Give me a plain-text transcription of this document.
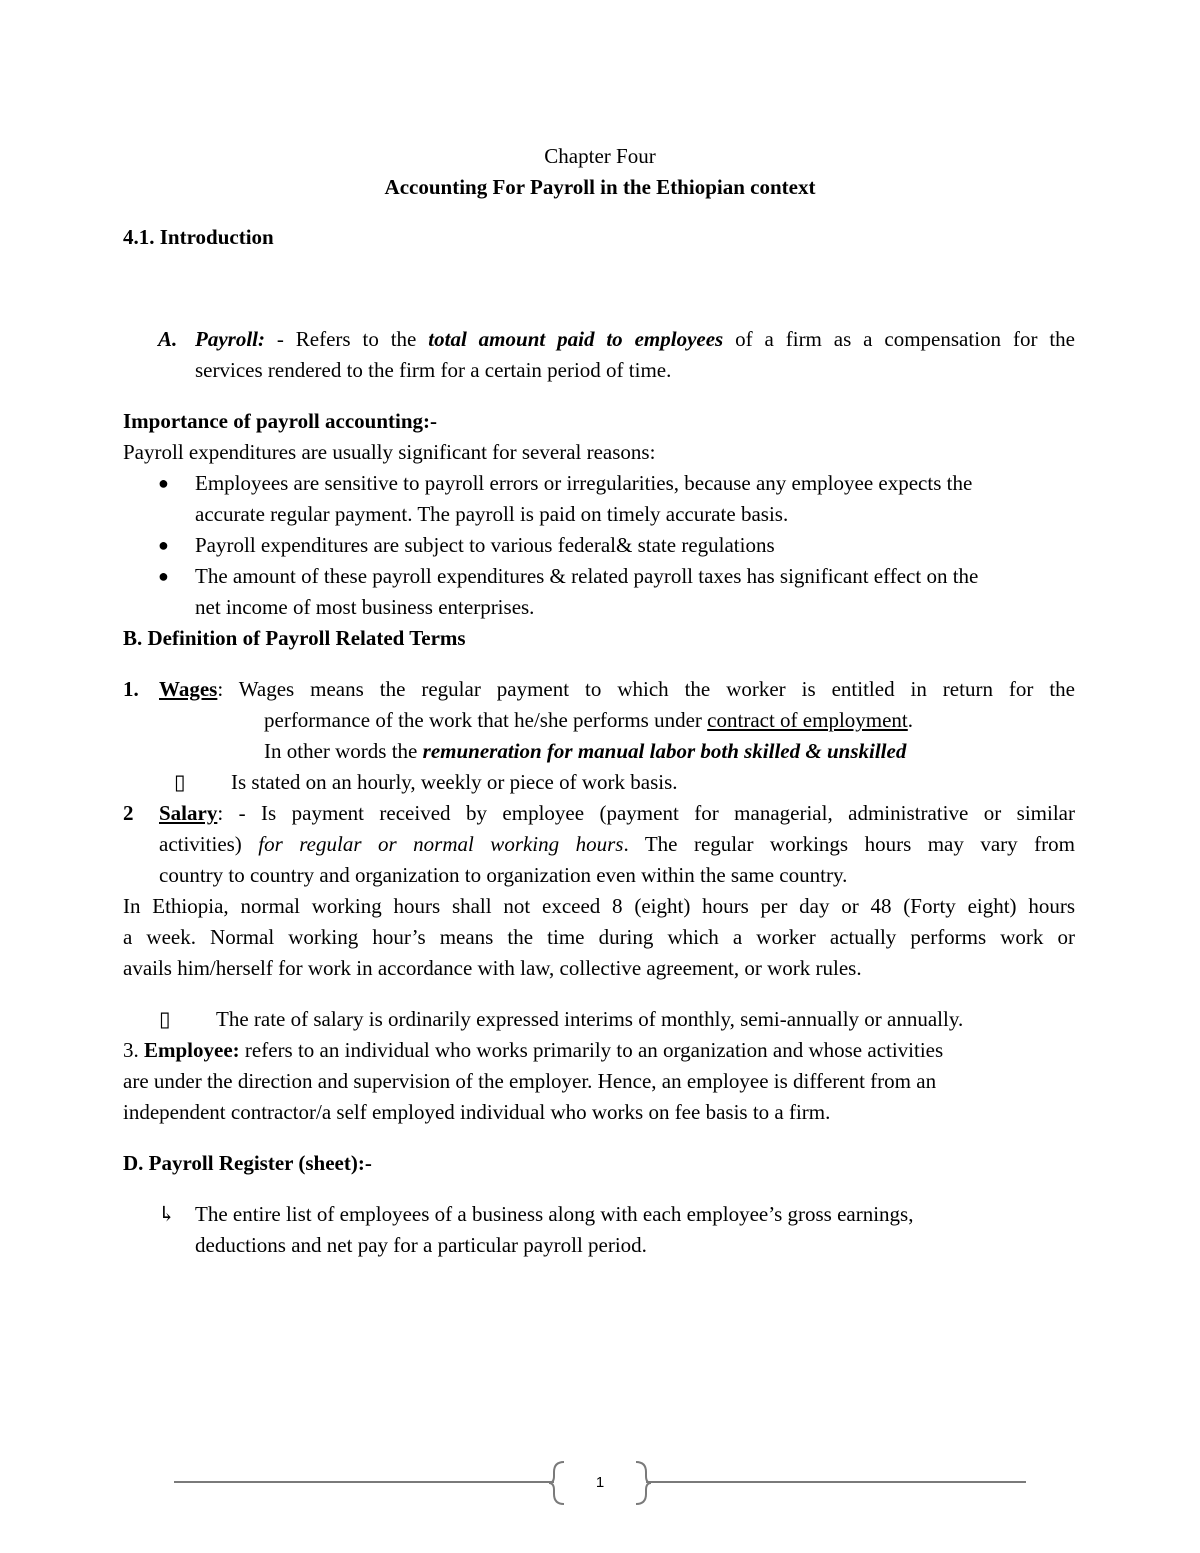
Chapter Four
Accounting For Payroll in the Ethiopian context
4.1. Introduction
A. Payroll: - Refers to the total amount paid to employees of a firm as a compensation for the
services rendered to the firm for a certain period of time.
Importance of payroll accounting:-
Payroll expenditures are usually significant for several reasons:
● Employees are sensitive to payroll errors or irregularities, because any employee expects the
accurate regular payment. The payroll is paid on timely accurate basis.
● Payroll expenditures are subject to various federal& state regulations
● The amount of these payroll expenditures & related payroll taxes has significant effect on the
net income of most business enterprises.
B. Definition of Payroll Related Terms
1. Wages: Wages means the regular payment to which the worker is entitled in return for the
performance of the work that he/she performs under contract of employment.
In other words the remuneration for manual labor both skilled & unskilled
▯ Is stated on an hourly, weekly or piece of work basis.
2 Salary: - Is payment received by employee (payment for managerial, administrative or similar
activities) for regular or normal working hours. The regular workings hours may vary from
country to country and organization to organization even within the same country.
In Ethiopia, normal working hours shall not exceed 8 (eight) hours per day or 48 (Forty eight) hours
a week. Normal working hour’s means the time during which a worker actually performs work or
avails him/herself for work in accordance with law, collective agreement, or work rules.
▯ The rate of salary is ordinarily expressed interims of monthly, semi-annually or annually.
3. Employee: refers to an individual who works primarily to an organization and whose activities
are under the direction and supervision of the employer. Hence, an employee is different from an
independent contractor/a self employed individual who works on fee basis to a firm.
D. Payroll Register (sheet):-
↳ The entire list of employees of a business along with each employee’s gross earnings,
deductions and net pay for a particular payroll period.
1
